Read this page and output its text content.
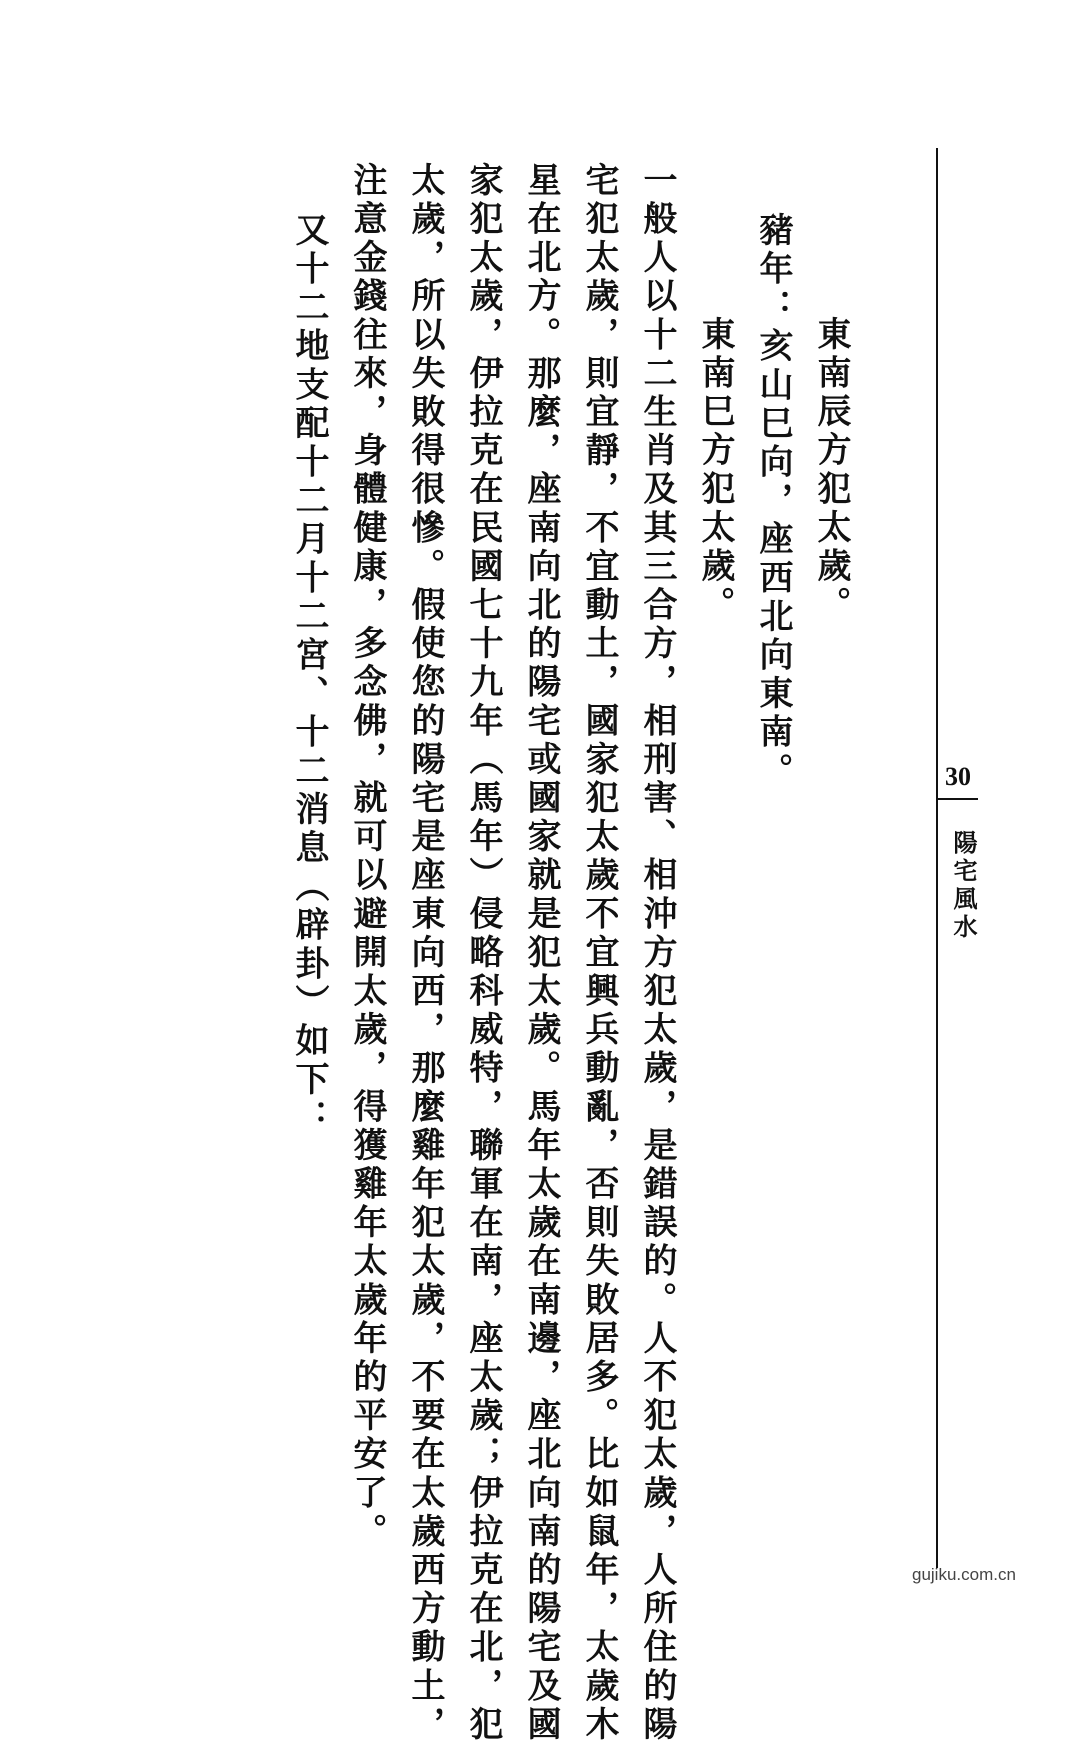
東南辰方犯太歲。
豬年：亥山巳向，座西北向東南。
東南巳方犯太歲。
一般人以十二生肖及其三合方，相刑害、相沖方犯太歲，是錯誤的。人不犯太歲，人所住的陽
宅犯太歲，則宜靜，不宜動土，國家犯太歲不宜興兵動亂，否則失敗居多。比如鼠年，太歲木
星在北方。那麼，座南向北的陽宅或國家就是犯太歲。馬年太歲在南邊，座北向南的陽宅及國
家犯太歲，伊拉克在民國七十九年（馬年）侵略科威特，聯軍在南，座太歲；伊拉克在北，犯
太歲，所以失敗得很慘。假使您的陽宅是座東向西，那麼雞年犯太歲，不要在太歲西方動土，
注意金錢往來，身體健康，多念佛，就可以避開太歲，得獲雞年太歲年的平安了。
又十二地支配十二月十二宮、十二消息（辟卦）如下：	30
陽宅風水
gujiku.com.cn
